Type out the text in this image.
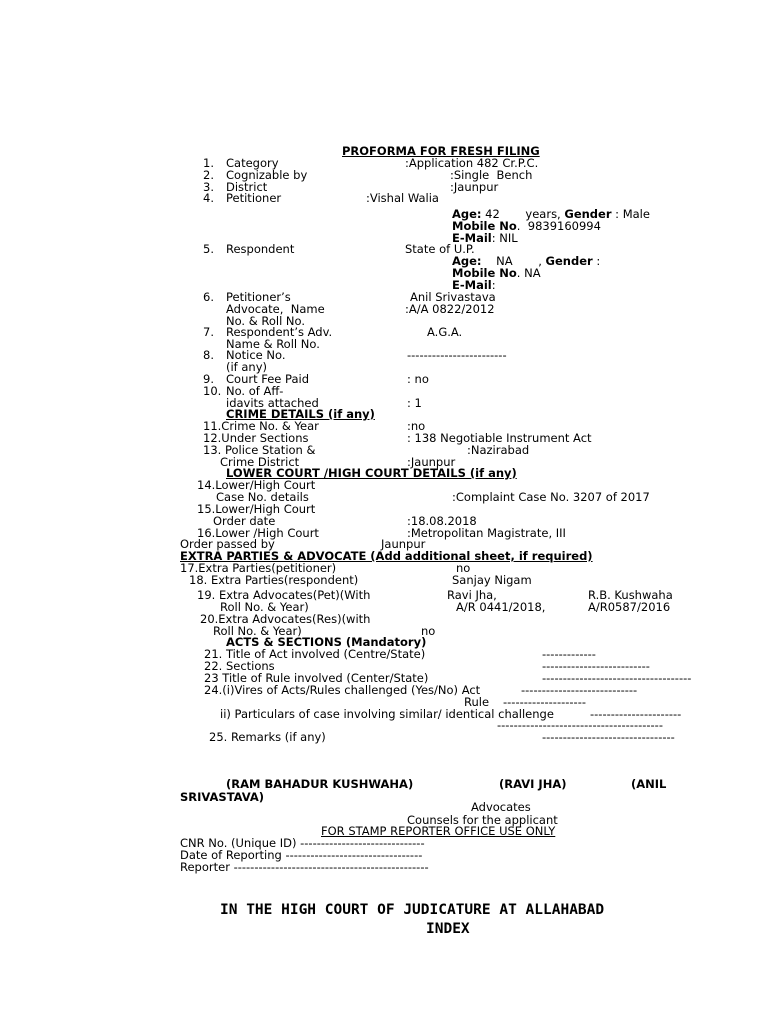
PROFORMA FOR FRESH FILING
1. Category	:Application 482 Cr.P.C.
2. Cognizable by	:Single  Bench
3. District	:Jaunpur
4. Petitioner	:Vishal Walia
Age: 42       years, Gender : Male
Mobile No.  9839160994
E-Mail: NIL
5. Respondent	State of U.P.
Age:    NA       , Gender :
Mobile No. NA
E-Mail:
6. Petitioner’s	Anil Srivastava
Advocate,  Name	:A/A 0822/2012
No. & Roll No.
7. Respondent’s Adv.	A.G.A.
Name & Roll No.
8. Notice No.	------------------------
(if any)
9. Court Fee Paid	: no
10. No. of Aff-
idavits attached	: 1
CRIME DETAILS (if any)
11.Crime No. & Year	:no
12.Under Sections	: 138 Negotiable Instrument Act
13. Police Station &	:Nazirabad
Crime District	:Jaunpur
LOWER COURT /HIGH COURT DETAILS (if any)
14.Lower/High Court
Case No. details	:Complaint Case No. 3207 of 2017
15.Lower/High Court
Order date	:18.08.2018
16.Lower /High Court	:Metropolitan Magistrate, III
Order passed by	Jaunpur
EXTRA PARTIES & ADVOCATE (Add additional sheet, if required)
17.Extra Parties(petitioner)	no
18. Extra Parties(respondent)	Sanjay Nigam
19. Extra Advocates(Pet)(With	Ravi Jha,	R.B. Kushwaha
Roll No. & Year)	A/R 0441/2018,	A/R0587/2016
20.Extra Advocates(Res)(with
Roll No. & Year)	no
ACTS & SECTIONS (Mandatory)
21. Title of Act involved (Centre/State)	-------------
22. Sections	--------------------------
23 Title of Rule involved (Center/State)	------------------------------------
24.(i)Vires of Acts/Rules challenged (Yes/No) Act	----------------------------
Rule --------------------
ii) Particulars of case involving similar/ identical challenge	----------------------
----------------------------------------
25. Remarks (if any)	--------------------------------
(RAM BAHADUR KUSHWAHA)	(RAVI JHA)	(ANIL
SRIVASTAVA)
Advocates
Counsels for the applicant
FOR STAMP REPORTER OFFICE USE ONLY
CNR No. (Unique ID) ------------------------------
Date of Reporting ---------------------------------
Reporter -----------------------------------------------
IN THE HIGH COURT OF JUDICATURE AT ALLAHABAD
INDEX
